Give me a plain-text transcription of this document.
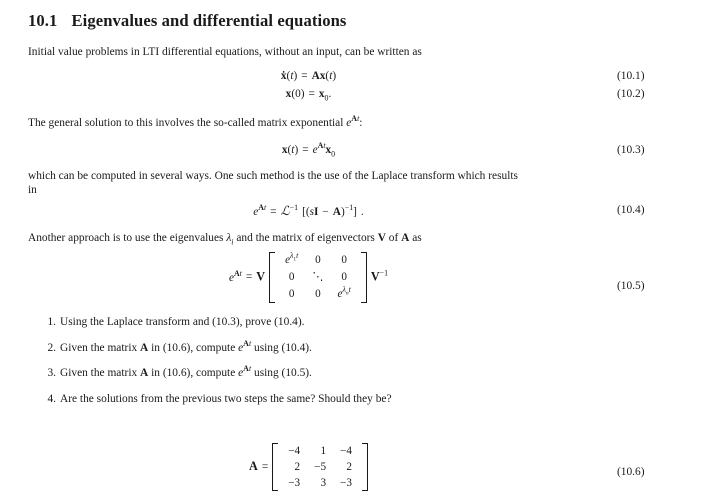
10.1 Eigenvalues and differential equations
Initial value problems in LTI differential equations, without an input, can be written as
ẋ(t) = Ax(t)	(10.1)
$x(0) = x_0$.	(10.2)
The general solution to this involves the so-called matrix exponential $e^{At}$:
$x(t) = e^{At}x_0$	(10.3)
which can be computed in several ways. One such method is the use of the Laplace transform which results
in
$e^{At}$ = ℒ$^{-1}$ [(sI − A)$^{-1}$] .	(10.4)
Another approach is to use the eigenvalues $\lambda_i$ and the matrix of eigenvectors V of A as
$e^{At} = V$
$e^{\lambda_1t}$	0	0
0	⋱	0
0	0	$e^{\lambda_nt}$
$V^{-1}$
(10.5)
1. Using the Laplace transform and (10.3), prove (10.4).
2. Given the matrix A in (10.6), compute $e^{At}$ using (10.4).
3. Given the matrix A in (10.6), compute $e^{At}$ using (10.5).
4. Are the solutions from the previous two steps the same? Should they be?
A =
−4	1	−4
2	−5	2
−3	3	−3
(10.6)
